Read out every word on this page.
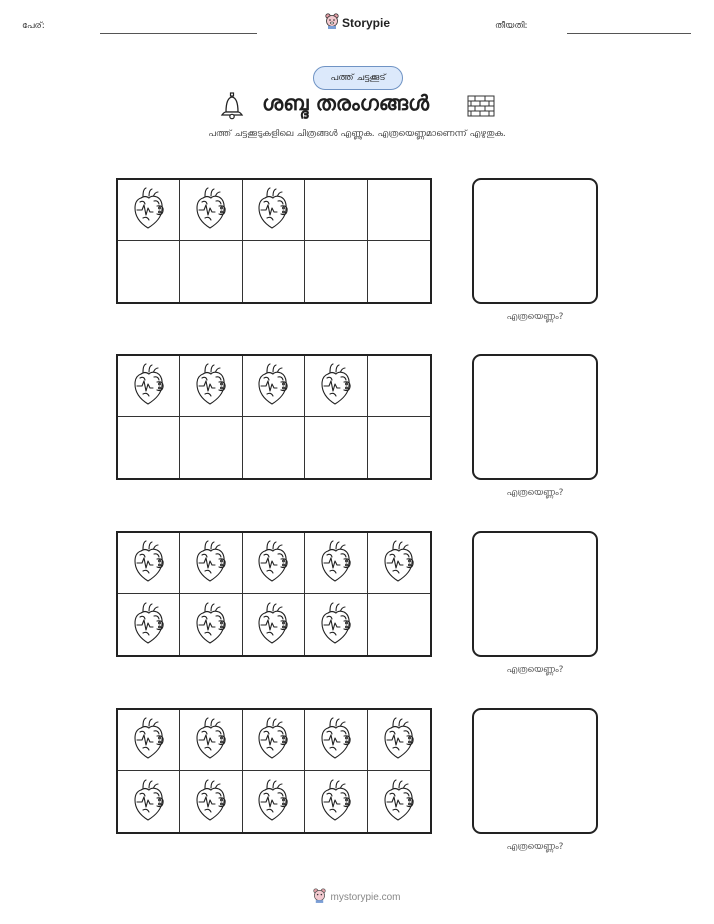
പേര്:	Storypie	തീയതി:
പത്ത് ചട്ടക്കൂട്
ശബ്ദ തരംഗങ്ങൾ
പത്ത് ചട്ടക്കൂടുകളിലെ ചിത്രങ്ങൾ എണ്ണുക. എത്രയെണ്ണമാണെന്ന് എഴുതുക.
എത്രയെണ്ണം?
എത്രയെണ്ണം?
എത്രയെണ്ണം?
എത്രയെണ്ണം?
mystorypie.com
